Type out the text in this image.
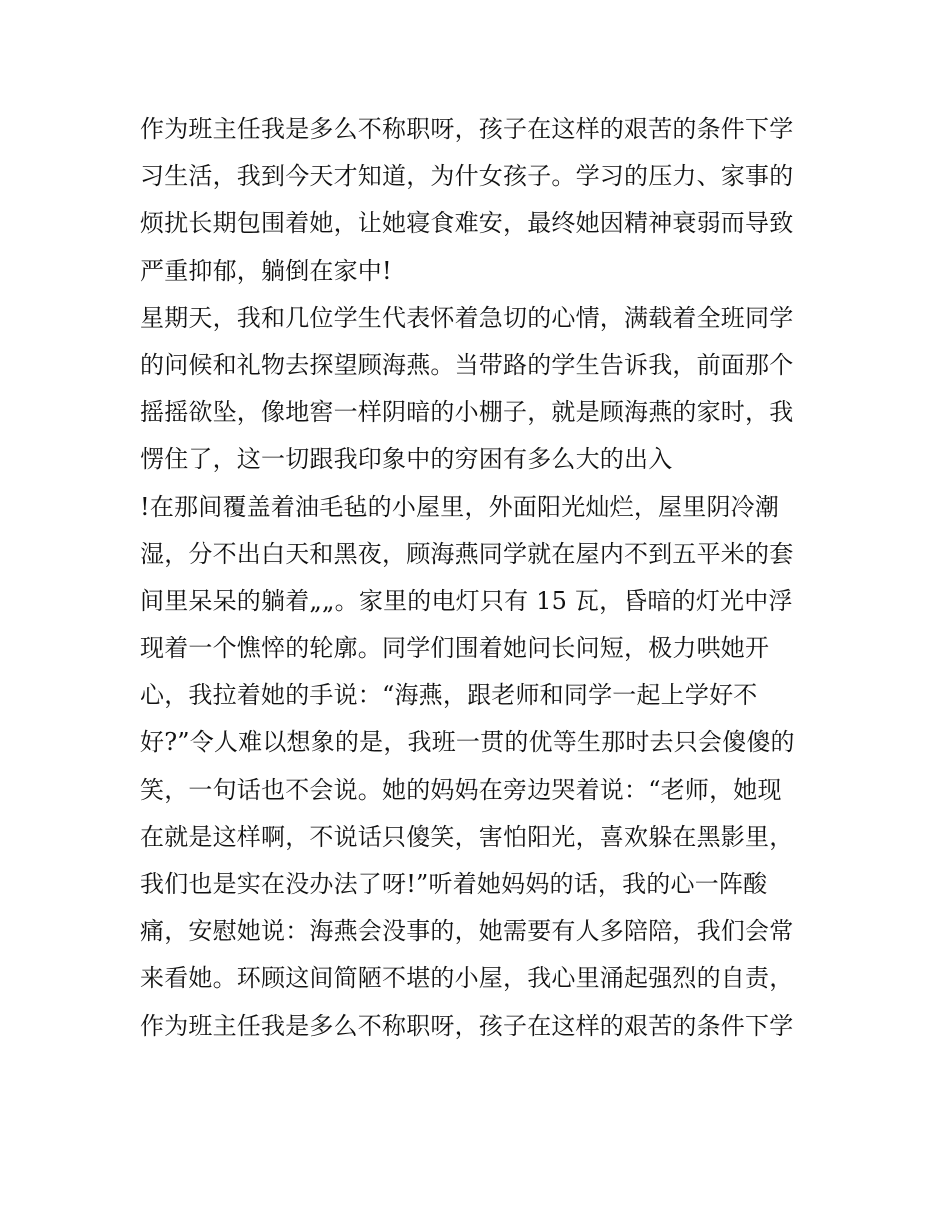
作为班主任我是多么不称职呀，孩子在这样的艰苦的条件下学
习生活，我到今天才知道，为什女孩子。学习的压力、家事的
烦扰长期包围着她，让她寝食难安，最终她因精神衰弱而导致
严重抑郁，躺倒在家中!
星期天，我和几位学生代表怀着急切的心情，满载着全班同学
的问候和礼物去探望顾海燕。当带路的学生告诉我，前面那个
摇摇欲坠，像地窖一样阴暗的小棚子，就是顾海燕的家时，我
愣住了，这一切跟我印象中的穷困有多么大的出入
!在那间覆盖着油毛毡的小屋里，外面阳光灿烂，屋里阴冷潮
湿，分不出白天和黑夜，顾海燕同学就在屋内不到五平米的套
间里呆呆的躺着„„。家里的电灯只有 15 瓦，昏暗的灯光中浮
现着一个憔悴的轮廓。同学们围着她问长问短，极力哄她开
心，我拉着她的手说：“海燕，跟老师和同学一起上学好不
好?”令人难以想象的是，我班一贯的优等生那时去只会傻傻的
笑，一句话也不会说。她的妈妈在旁边哭着说：“老师，她现
在就是这样啊，不说话只傻笑，害怕阳光，喜欢躲在黑影里，
我们也是实在没办法了呀!”听着她妈妈的话，我的心一阵酸
痛，安慰她说：海燕会没事的，她需要有人多陪陪，我们会常
来看她。环顾这间简陋不堪的小屋，我心里涌起强烈的自责，
作为班主任我是多么不称职呀，孩子在这样的艰苦的条件下学
